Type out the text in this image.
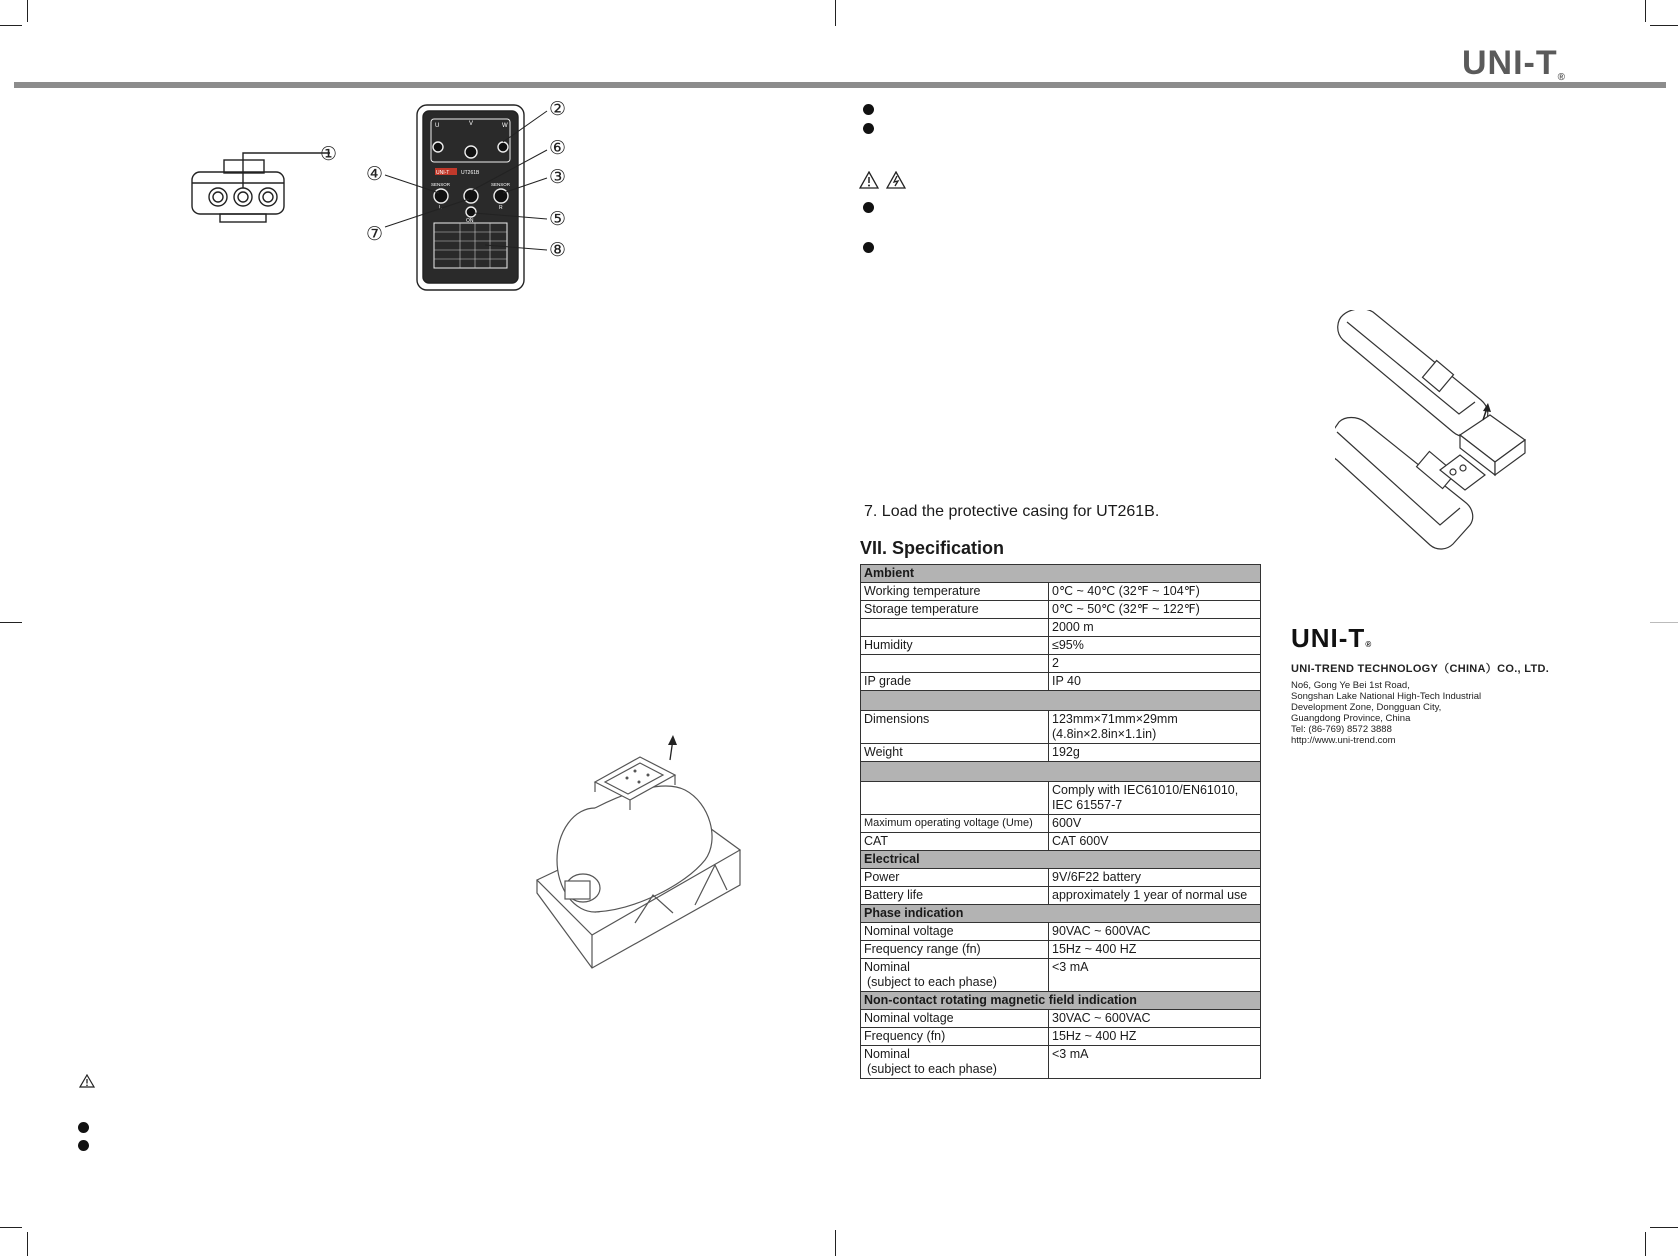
UNI-T®
U	V	W
UNI-T UT261B
SENSOR	SENSOR
L	R
ON
①
②
③
④
⑤
⑥
⑦
⑧
7. Load the protective casing for UT261B.
VII. Specification
Ambient	

Working temperature	0℃ ~ 40℃ (32℉ ~ 104℉)

Storage temperature	0℃ ~ 50℃ (32℉ ~ 122℉)

	2000 m

Humidity	≤95%

	2

IP grade	IP 40

Dimensions	123mm×71mm×29mm
(4.8in×2.8in×1.1in)

Weight	192g

	Comply with IEC61010/EN61010,
IEC 61557-7

Maximum operating voltage (Ume)	600V

CAT	CAT 600V

Electrical	

Power	9V/6F22 battery

Battery life	approximately 1 year of normal use

Phase indication	

Nominal voltage	90VAC ~ 600VAC

Frequency range (fn)	15Hz ~ 400 HZ

Nominal
(subject to each phase)	<3 mA

Non-contact rotating magnetic field indication	

Nominal voltage	30VAC ~ 600VAC

Frequency (fn)	15Hz ~ 400 HZ

Nominal
(subject to each phase)	<3 mA
UNI-T®
UNI-TREND TECHNOLOGY（CHINA）CO., LTD.
No6, Gong Ye Bei 1st Road,
Songshan Lake National High-Tech Industrial
Development Zone, Dongguan City,
Guangdong Province, China
Tel: (86-769) 8572 3888
http://www.uni-trend.com
